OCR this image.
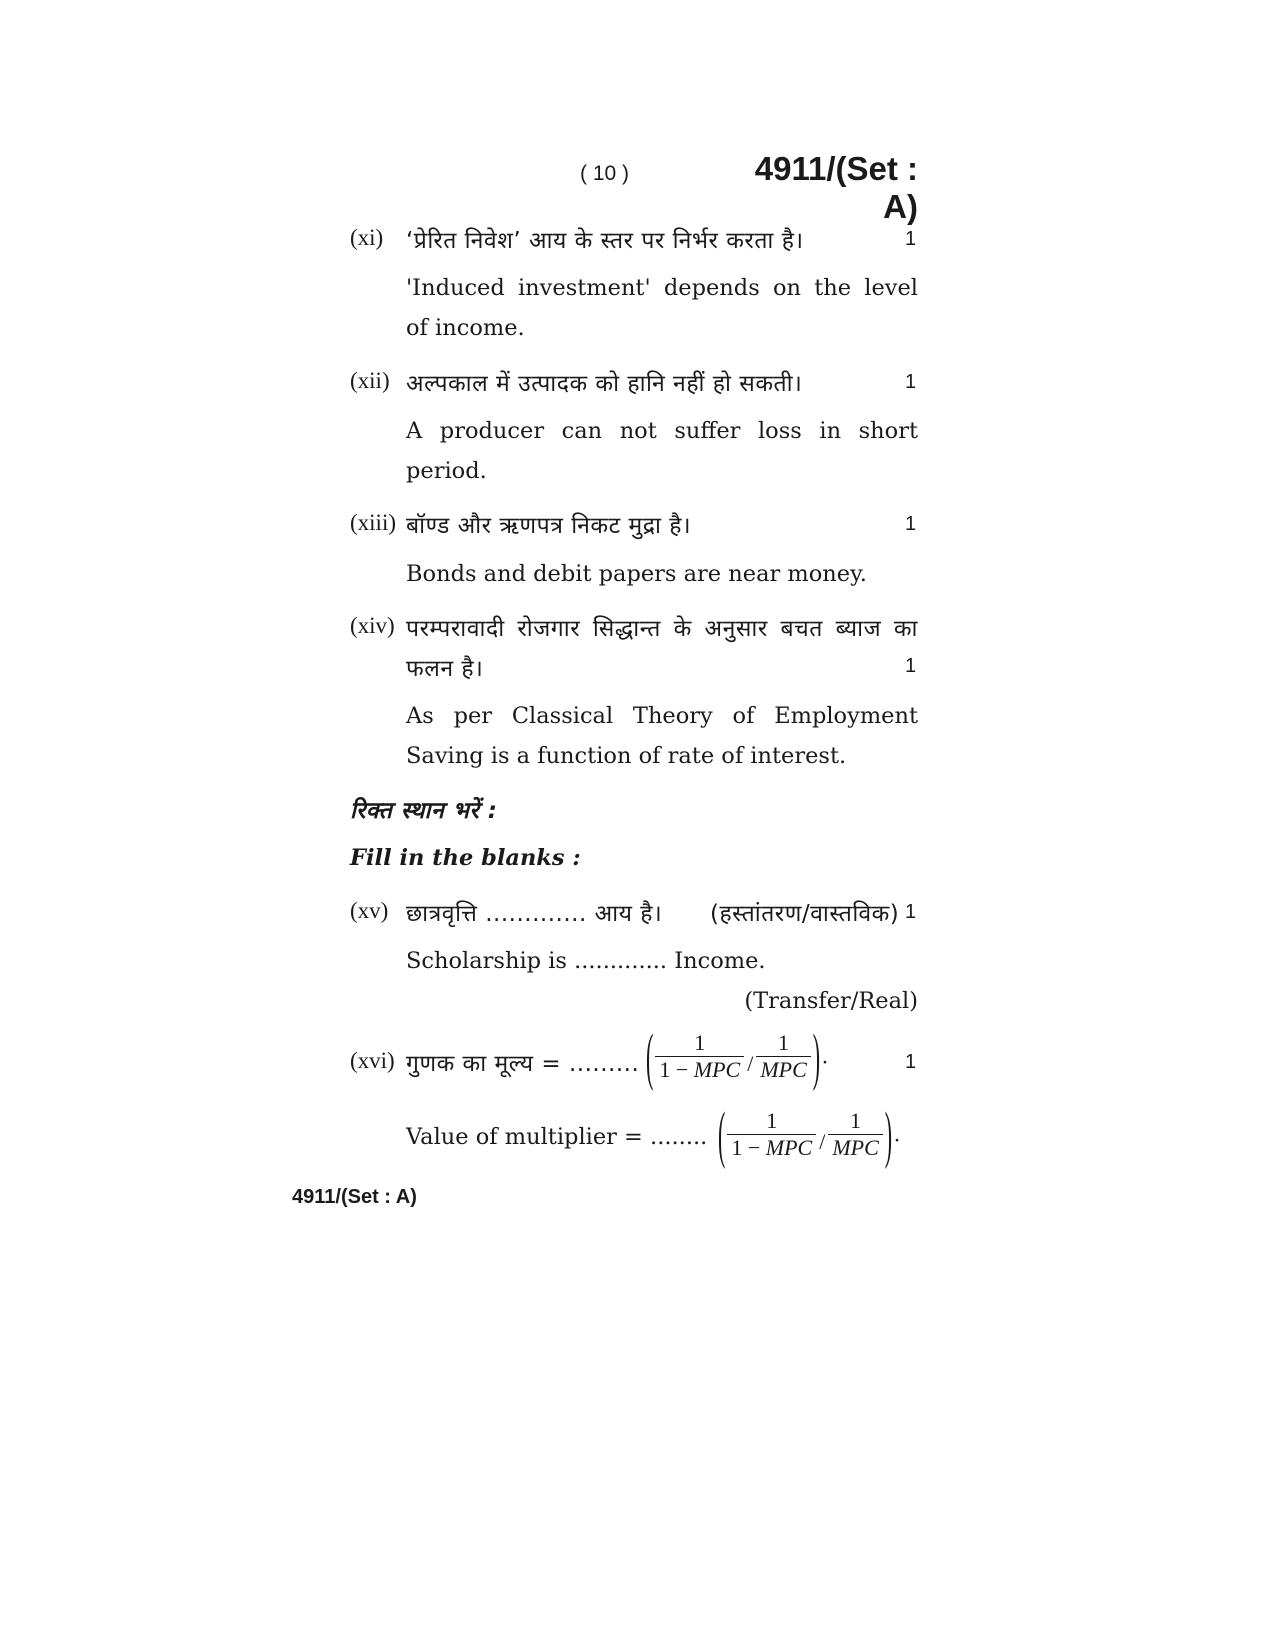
( 10 )	4911/(Set : A)
(xi) ‘प्रेरित निवेश’ आय के स्तर पर निर्भर करता है।	1
'Induced investment' depends on the level
of income.
(xii) अल्पकाल में उत्पादक को हानि नहीं हो सकती।	1
A producer can not suffer loss in short
period.
(xiii) बॉण्ड और ऋणपत्र निकट मुद्रा है।	1
Bonds and debit papers are near money.
(xiv) परम्परावादी रोजगार सिद्धान्त के अनुसार बचत ब्याज का
फलन है।	1
As per Classical Theory of Employment
Saving is a function of rate of interest.
रिक्त स्थान भरें :
Fill in the blanks :
(xv) छात्रवृत्ति ............. आय है। (हस्तांतरण/वास्तविक) 1
Scholarship is ............. Income.
(Transfer/Real)
(xvi) गुणक का मूल्य = ......... ( $\frac{1}{\text{1 − MPC}} / \frac{1}{\text{MPC}}$ ).	1
Value of multiplier = ........ ( $\frac{1}{\text{1 − MPC}} / \frac{1}{\text{MPC}}$ ).
4911/(Set : A)
